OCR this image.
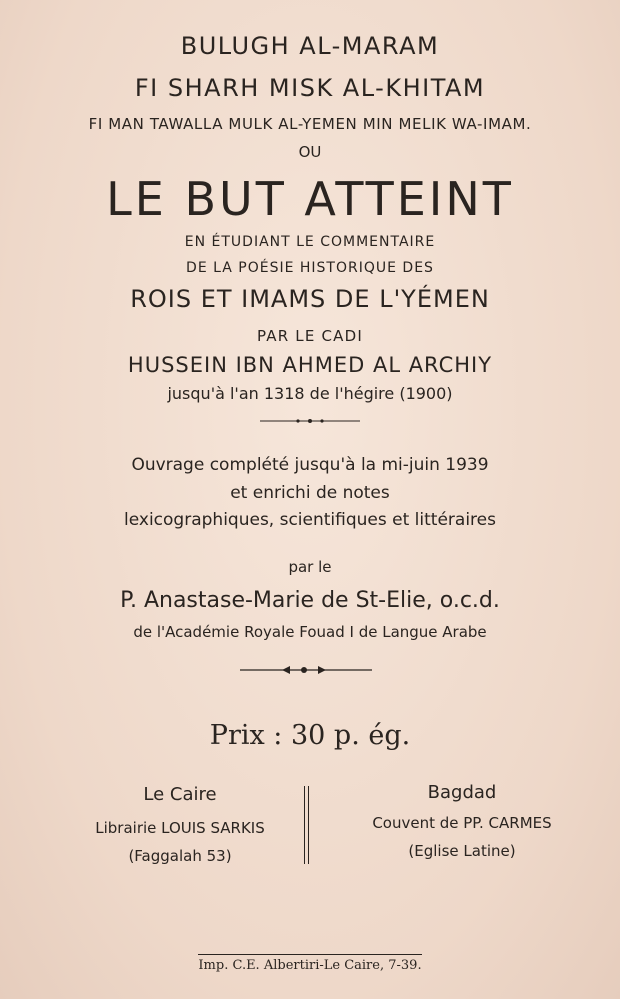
BULUGH AL-MARAM
FI SHARH MISK AL-KHITAM
FI MAN TAWALLA MULK AL-YEMEN MIN MELIK WA-IMAM.
OU
LE BUT ATTEINT
EN ÉTUDIANT LE COMMENTAIRE
DE LA POÉSIE HISTORIQUE DES
ROIS ET IMAMS DE L'YÉMEN
PAR LE CADI
HUSSEIN IBN AHMED AL ARCHIY
jusqu'à l'an 1318 de l'hégire (1900)
Ouvrage complété jusqu'à la mi-juin 1939
et enrichi de notes
lexicographiques, scientifiques et littéraires
par le
P. Anastase-Marie de St-Elie, o.c.d.
de l'Académie Royale Fouad I de Langue Arabe
Prix : 30 p. ég.
Le Caire
Librairie LOUIS SARKIS
(Faggalah 53)
Bagdad
Couvent de PP. CARMES
(Eglise Latine)
Imp. C.E. Albertiri-Le Caire, 7-39.
